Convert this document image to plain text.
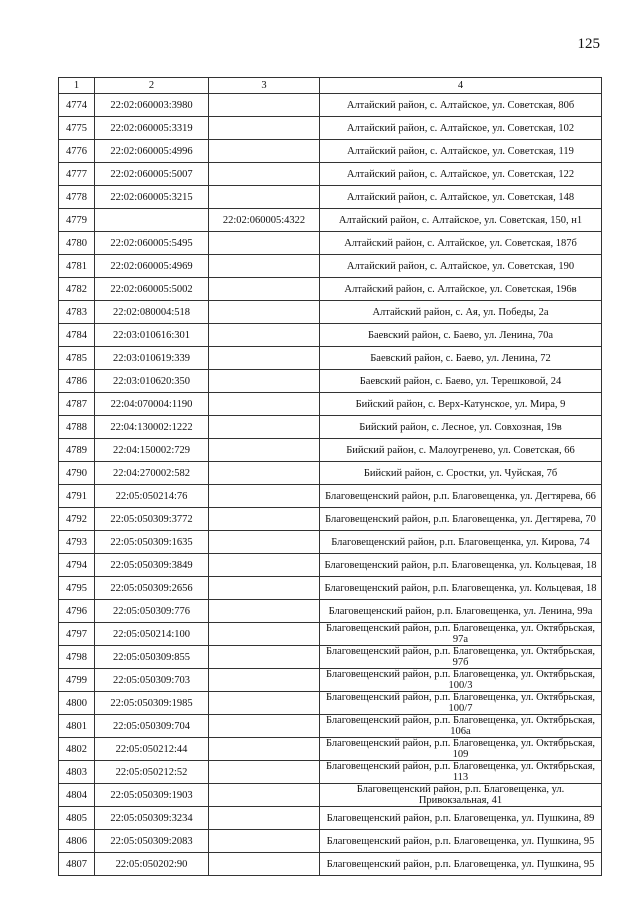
125
1	2	3	4
4774	22:02:060003:3980		Алтайский район, с. Алтайское, ул. Советская, 80б
4775	22:02:060005:3319		Алтайский район, с. Алтайское, ул. Советская, 102
4776	22:02:060005:4996		Алтайский район, с. Алтайское, ул. Советская, 119
4777	22:02:060005:5007		Алтайский район, с. Алтайское, ул. Советская, 122
4778	22:02:060005:3215		Алтайский район, с. Алтайское, ул. Советская, 148
4779		22:02:060005:4322	Алтайский район, с. Алтайское, ул. Советская, 150, н1
4780	22:02:060005:5495		Алтайский район, с. Алтайское, ул. Советская, 187б
4781	22:02:060005:4969		Алтайский район, с. Алтайское, ул. Советская, 190
4782	22:02:060005:5002		Алтайский район, с. Алтайское, ул. Советская, 196в
4783	22:02:080004:518		Алтайский район, с. Ая, ул. Победы, 2а
4784	22:03:010616:301		Баевский район, с. Баево, ул. Ленина, 70а
4785	22:03:010619:339		Баевский район, с. Баево, ул. Ленина, 72
4786	22:03:010620:350		Баевский район, с. Баево, ул. Терешковой, 24
4787	22:04:070004:1190		Бийский район, с. Верх-Катунское, ул. Мира, 9
4788	22:04:130002:1222		Бийский район, с. Лесное, ул. Совхозная, 19в
4789	22:04:150002:729		Бийский район, с. Малоугренево, ул. Советская, 66
4790	22:04:270002:582		Бийский район, с. Сростки, ул. Чуйская, 7б
4791	22:05:050214:76		Благовещенский район, р.п. Благовещенка, ул. Дегтярева, 66
4792	22:05:050309:3772		Благовещенский район, р.п. Благовещенка, ул. Дегтярева, 70
4793	22:05:050309:1635		Благовещенский район, р.п. Благовещенка, ул. Кирова, 74
4794	22:05:050309:3849		Благовещенский район, р.п. Благовещенка, ул. Кольцевая, 18
4795	22:05:050309:2656		Благовещенский район, р.п. Благовещенка, ул. Кольцевая, 18
4796	22:05:050309:776		Благовещенский район, р.п. Благовещенка, ул. Ленина, 99а
4797	22:05:050214:100		Благовещенский район, р.п. Благовещенка, ул. Октябрьская, 97а
4798	22:05:050309:855		Благовещенский район, р.п. Благовещенка, ул. Октябрьская, 97б
4799	22:05:050309:703		Благовещенский район, р.п. Благовещенка, ул. Октябрьская, 100/3
4800	22:05:050309:1985		Благовещенский район, р.п. Благовещенка, ул. Октябрьская, 100/7
4801	22:05:050309:704		Благовещенский район, р.п. Благовещенка, ул. Октябрьская, 106а
4802	22:05:050212:44		Благовещенский район, р.п. Благовещенка, ул. Октябрьская, 109
4803	22:05:050212:52		Благовещенский район, р.п. Благовещенка, ул. Октябрьская, 113
4804	22:05:050309:1903		Благовещенский район, р.п. Благовещенка, ул. Привокзальная, 41
4805	22:05:050309:3234		Благовещенский район, р.п. Благовещенка, ул. Пушкина, 89
4806	22:05:050309:2083		Благовещенский район, р.п. Благовещенка, ул. Пушкина, 95
4807	22:05:050202:90		Благовещенский район, р.п. Благовещенка, ул. Пушкина, 95
